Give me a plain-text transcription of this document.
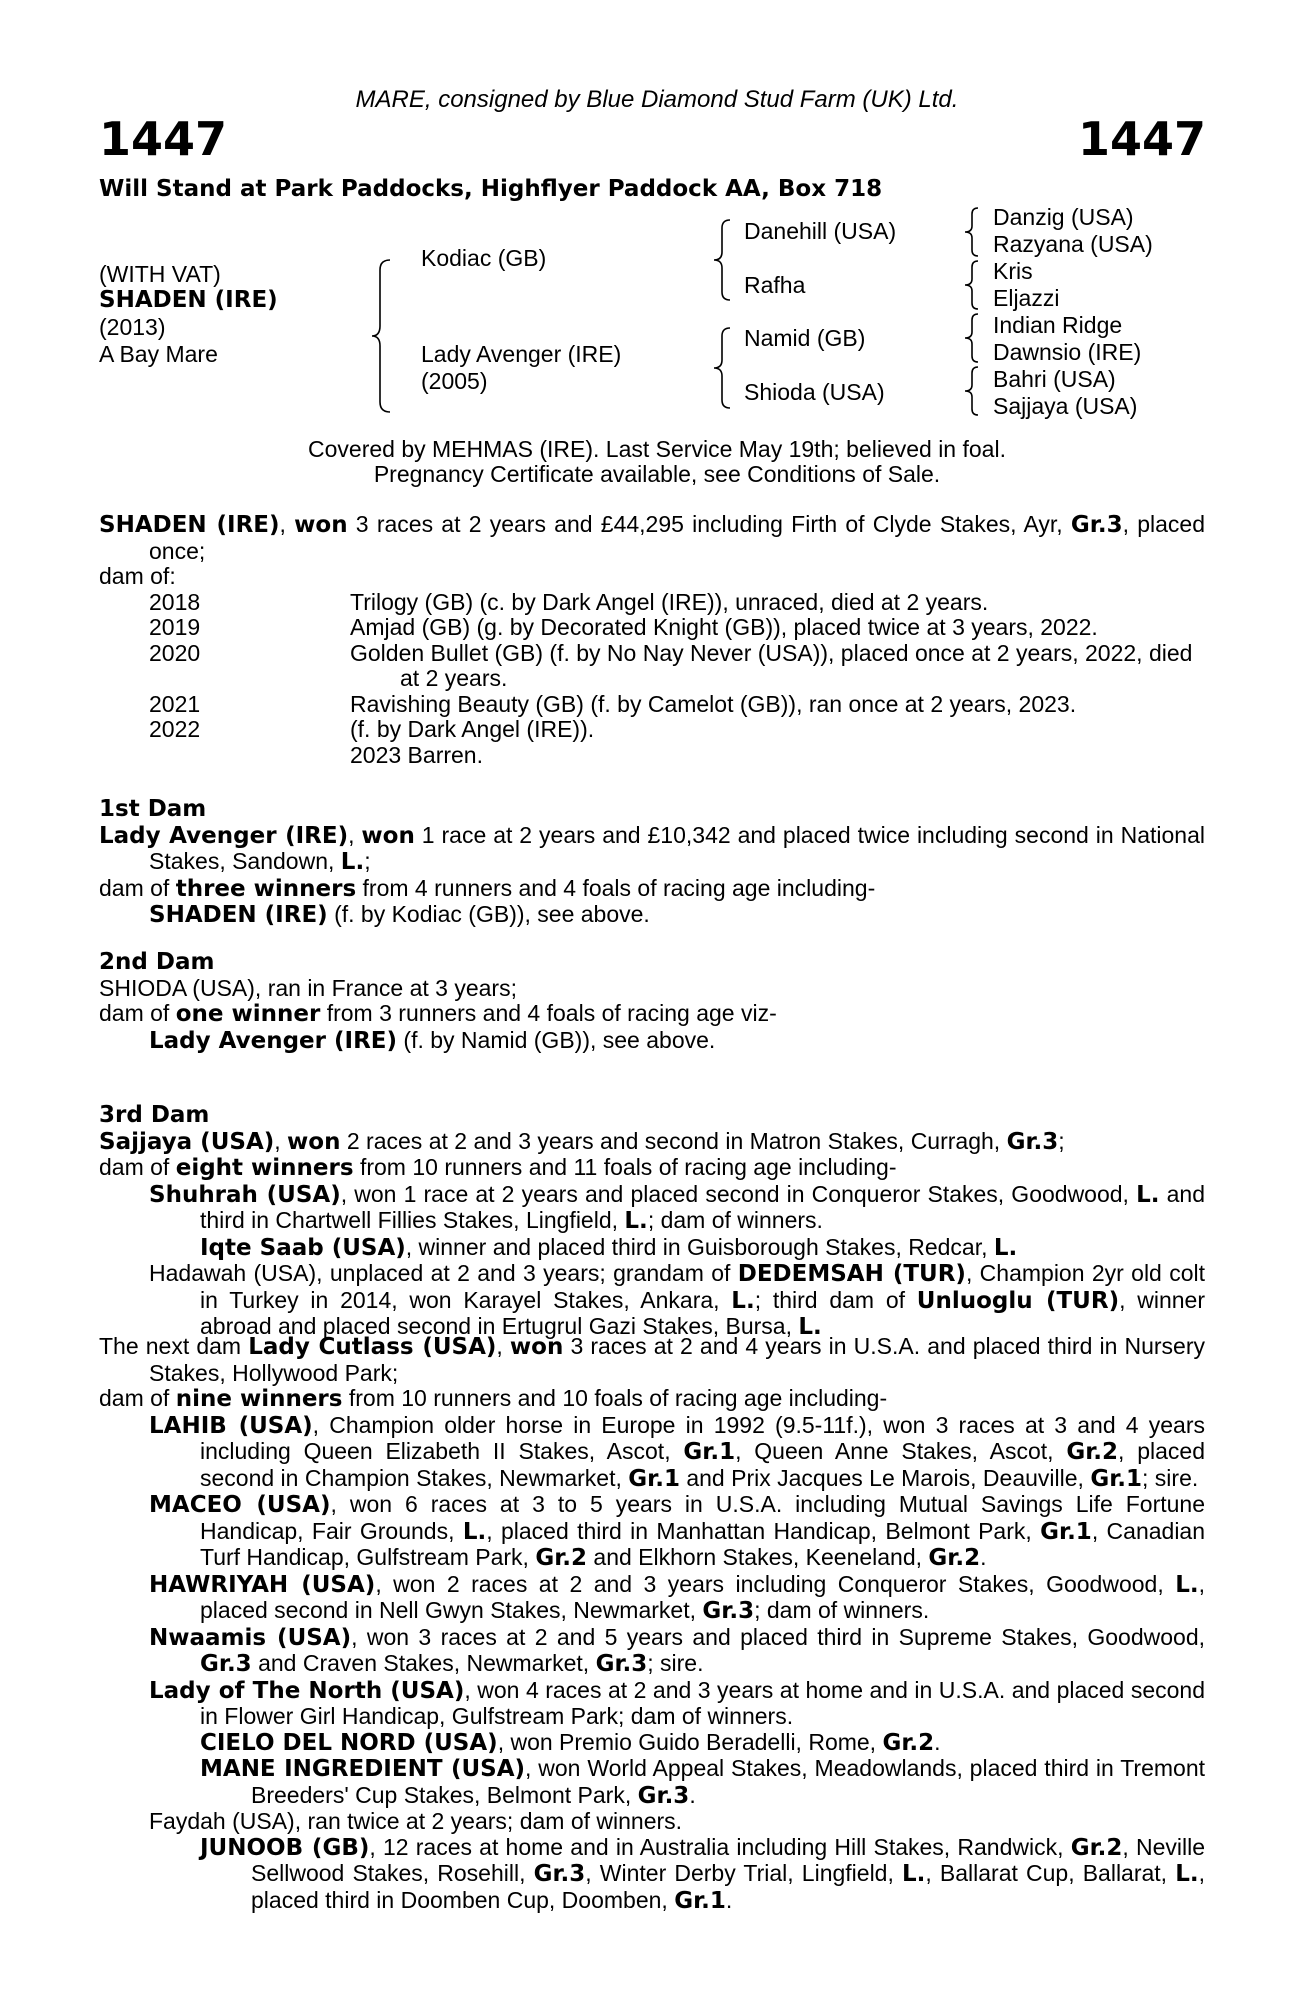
MARE, consigned by Blue Diamond Stud Farm (UK) Ltd.
1447	1447
Will Stand at Park Paddocks, Highflyer Paddock AA, Box 718
(WITH VAT)
SHADEN (IRE)
(2013)
A Bay Mare
Kodiac (GB)
Lady Avenger (IRE)
(2005)
Danehill (USA)
Rafha
Namid (GB)
Shioda (USA)
Danzig (USA)
Razyana (USA)
Kris
Eljazzi
Indian Ridge
Dawnsio (IRE)
Bahri (USA)
Sajjaya (USA)
Covered by MEHMAS (IRE). Last Service May 19th; believed in foal.
Pregnancy Certificate available, see Conditions of Sale.

SHADEN (IRE), won 3 races at 2 years and £44,295 including Firth of Clyde Stakes, Ayr, Gr.3, placed once;

dam of:

2018	Trilogy (GB) (c. by Dark Angel (IRE)), unraced, died at 2 years.

2019	Amjad (GB) (g. by Decorated Knight (GB)), placed twice at 3 years, 2022.

2020	Golden Bullet (GB) (f. by No Nay Never (USA)), placed once at 2 years, 2022, died

at 2 years.

2021	Ravishing Beauty (GB) (f. by Camelot (GB)), ran once at 2 years, 2023.

2022	(f. by Dark Angel (IRE)).

2023 Barren.

1st Dam

Lady Avenger (IRE), won 1 race at 2 years and £10,342 and placed twice including second in National Stakes, Sandown, L.;

dam of three winners from 4 runners and 4 foals of racing age including-

SHADEN (IRE) (f. by Kodiac (GB)), see above.

2nd Dam

SHIODA (USA), ran in France at 3 years;

dam of one winner from 3 runners and 4 foals of racing age viz-

Lady Avenger (IRE) (f. by Namid (GB)), see above.

3rd Dam

Sajjaya (USA), won 2 races at 2 and 3 years and second in Matron Stakes, Curragh, Gr.3;

dam of eight winners from 10 runners and 11 foals of racing age including-

Shuhrah (USA), won 1 race at 2 years and placed second in Conqueror Stakes, Goodwood, L. and third in Chartwell Fillies Stakes, Lingfield, L.; dam of winners.

Iqte Saab (USA), winner and placed third in Guisborough Stakes, Redcar, L.

Hadawah (USA), unplaced at 2 and 3 years; grandam of DEDEMSAH (TUR), Champion 2yr old colt in Turkey in 2014, won Karayel Stakes, Ankara, L.; third dam of Unluoglu (TUR), winner abroad and placed second in Ertugrul Gazi Stakes, Bursa, L.

The next dam Lady Cutlass (USA), won 3 races at 2 and 4 years in U.S.A. and placed third in Nursery Stakes, Hollywood Park;

dam of nine winners from 10 runners and 10 foals of racing age including-

LAHIB (USA), Champion older horse in Europe in 1992 (9.5-11f.), won 3 races at 3 and 4 years including Queen Elizabeth II Stakes, Ascot, Gr.1, Queen Anne Stakes, Ascot, Gr.2, placed second in Champion Stakes, Newmarket, Gr.1 and Prix Jacques Le Marois, Deauville, Gr.1; sire.

MACEO (USA), won 6 races at 3 to 5 years in U.S.A. including Mutual Savings Life Fortune Handicap, Fair Grounds, L., placed third in Manhattan Handicap, Belmont Park, Gr.1, Canadian Turf Handicap, Gulfstream Park, Gr.2 and Elkhorn Stakes, Keeneland, Gr.2.

HAWRIYAH (USA), won 2 races at 2 and 3 years including Conqueror Stakes, Goodwood, L., placed second in Nell Gwyn Stakes, Newmarket, Gr.3; dam of winners.

Nwaamis (USA), won 3 races at 2 and 5 years and placed third in Supreme Stakes, Goodwood, Gr.3 and Craven Stakes, Newmarket, Gr.3; sire.

Lady of The North (USA), won 4 races at 2 and 3 years at home and in U.S.A. and placed second in Flower Girl Handicap, Gulfstream Park; dam of winners.

CIELO DEL NORD (USA), won Premio Guido Beradelli, Rome, Gr.2.

MANE INGREDIENT (USA), won World Appeal Stakes, Meadowlands, placed third in Tremont Breeders' Cup Stakes, Belmont Park, Gr.3.

Faydah (USA), ran twice at 2 years; dam of winners.

JUNOOB (GB), 12 races at home and in Australia including Hill Stakes, Randwick, Gr.2, Neville Sellwood Stakes, Rosehill, Gr.3, Winter Derby Trial, Lingfield, L., Ballarat Cup, Ballarat, L., placed third in Doomben Cup, Doomben, Gr.1.
